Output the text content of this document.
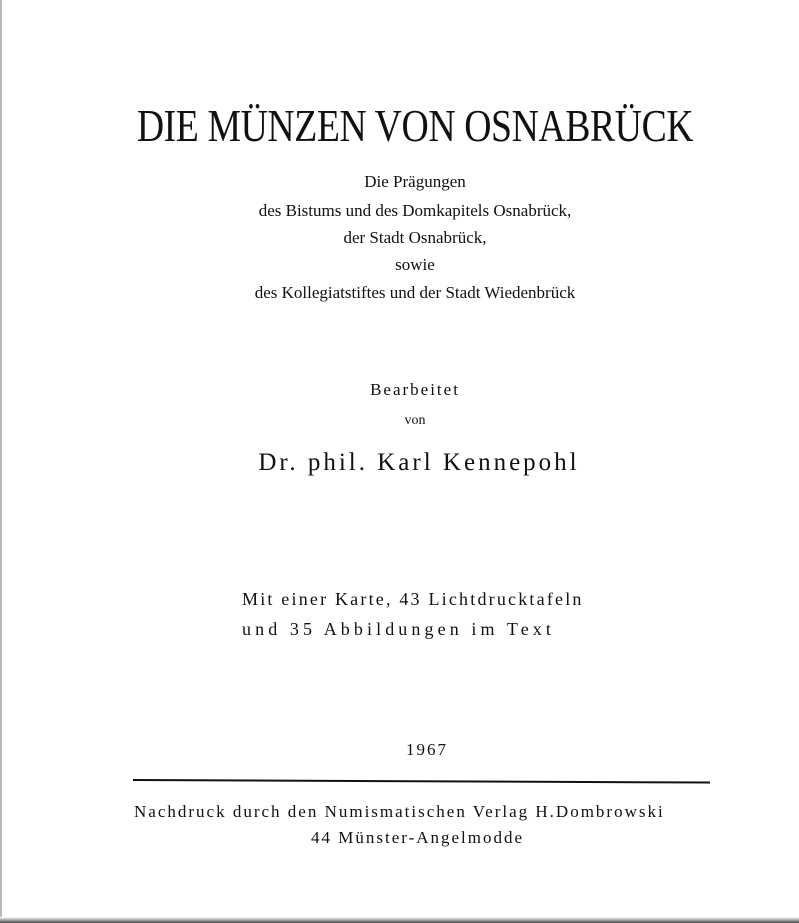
DIE MÜNZEN VON OSNABRÜCK
Die Prägungen
des Bistums und des Domkapitels Osnabrück,
der Stadt Osnabrück,
sowie
des Kollegiatstiftes und der Stadt Wiedenbrück
Bearbeitet
von
Dr. phil. Karl Kennepohl
Mit einer Karte, 43 Lichtdrucktafeln
und 35 Abbildungen im Text
1967
Nachdruck durch den Numismatischen Verlag H.Dombrowski
44 Münster-Angelmodde
